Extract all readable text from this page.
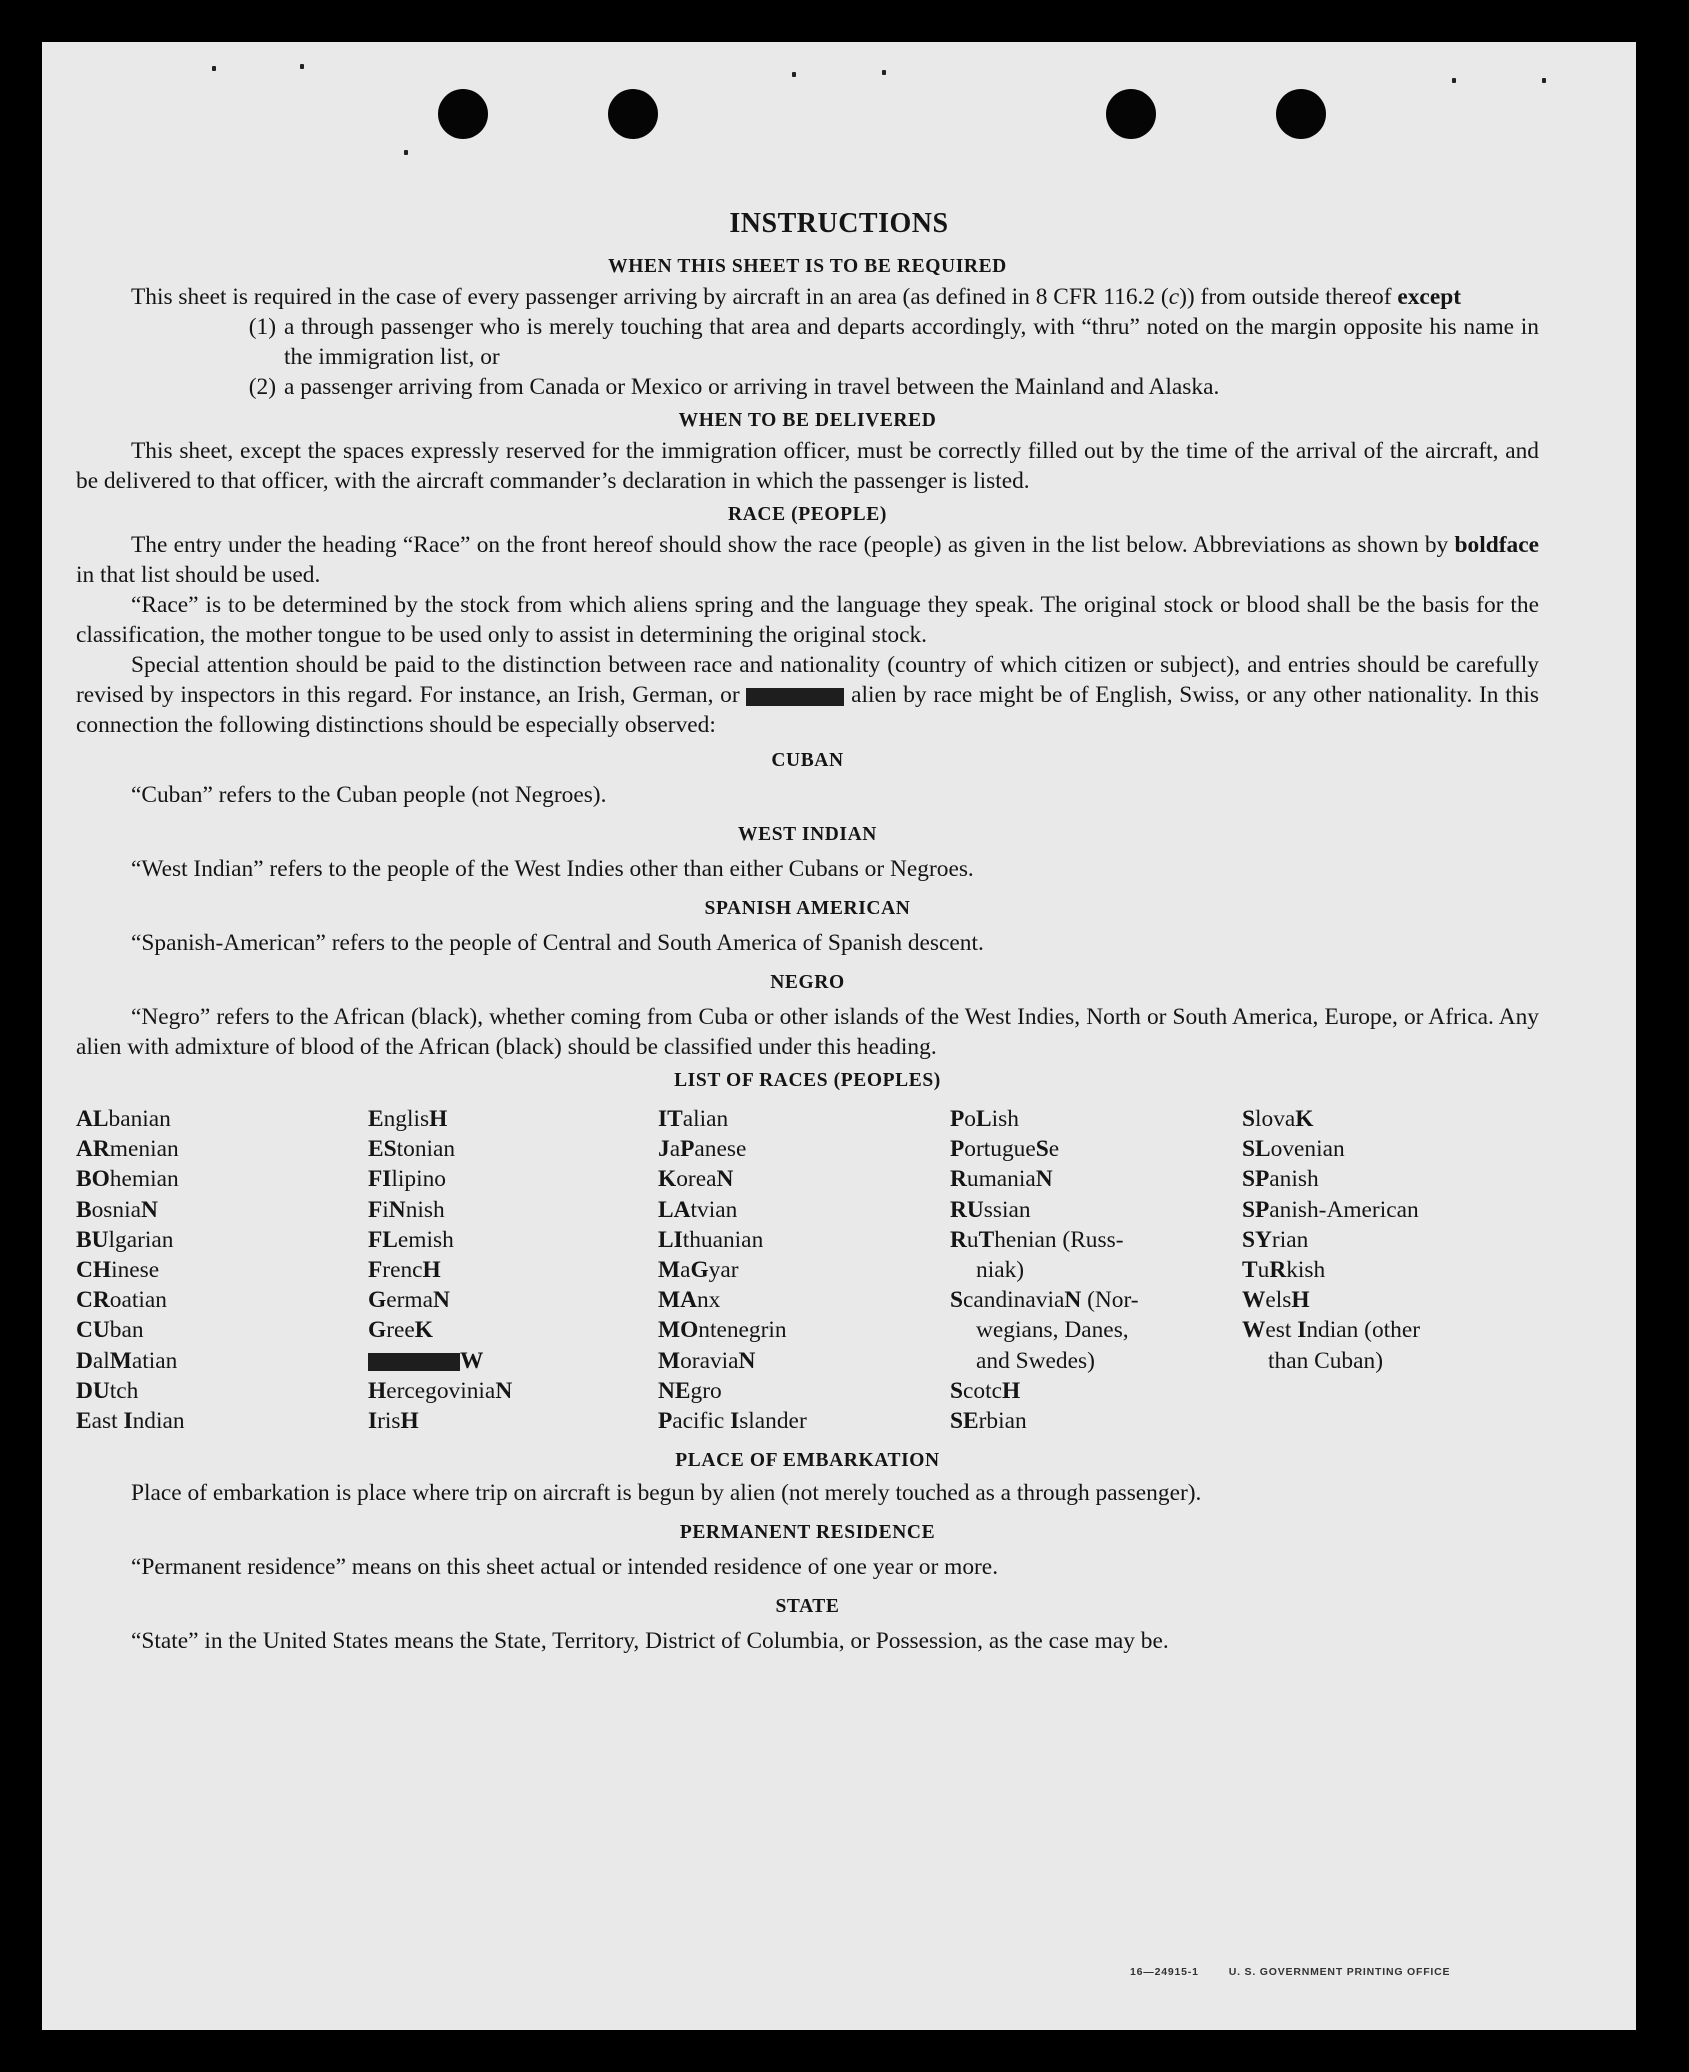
INSTRUCTIONS
WHEN THIS SHEET IS TO BE REQUIRED
This sheet is required in the case of every passenger arriving by aircraft in an area (as defined in 8 CFR 116.2 (c)) from outside thereof except
(1) a through passenger who is merely touching that area and departs accordingly, with “thru” noted on the margin opposite his name in the immigration list, or
(2) a passenger arriving from Canada or Mexico or arriving in travel between the Mainland and Alaska.
WHEN TO BE DELIVERED
This sheet, except the spaces expressly reserved for the immigration officer, must be correctly filled out by the time of the arrival of the aircraft, and be delivered to that officer, with the aircraft commander’s declaration in which the passenger is listed.
RACE (PEOPLE)
The entry under the heading “Race” on the front hereof should show the race (people) as given in the list below. Abbreviations as shown by boldface in that list should be used.
“Race” is to be determined by the stock from which aliens spring and the language they speak. The original stock or blood shall be the basis for the classification, the mother tongue to be used only to assist in determining the original stock.
Special attention should be paid to the distinction between race and nationality (country of which citizen or subject), and entries should be carefully revised by inspectors in this regard. For instance, an Irish, German, or	alien by race might be of English, Swiss, or any other nationality. In this connection the following distinctions should be especially observed:
CUBAN
“Cuban” refers to the Cuban people (not Negroes).
WEST INDIAN
“West Indian” refers to the people of the West Indies other than either Cubans or Negroes.
SPANISH AMERICAN
“Spanish-American” refers to the people of Central and South America of Spanish descent.
NEGRO
“Negro” refers to the African (black), whether coming from Cuba or other islands of the West Indies, North or South America, Europe, or Africa. Any alien with admixture of blood of the African (black) should be classified under this heading.
LIST OF RACES (PEOPLES)
ALbanian
ARmenian
BOhemian
BosniaN
BUlgarian
CHinese
CRoatian
CUban
DalMatian
DUtch
East Indian
EnglisH
EStonian
FIlipino
FiNnish
FLemish
FrencH
GermaN
GreeK
W
HercegoviniaN
IrisH
ITalian
JaPanese
KoreaN
LAtvian
LIthuanian
MaGyar
MAnx
MOntenegrin
MoraviaN
NEgro
Pacific Islander
PoLish
PortugueSe
RumaniaN
RUssian
RuThenian (Russ-
niak)
ScandinaviaN (Nor-
wegians, Danes,
and Swedes)
ScotcH
SErbian
SlovaK
SLovenian
SPanish
SPanish-American
SYrian
TuRkish
WelsH
West Indian (other
than Cuban)
PLACE OF EMBARKATION
Place of embarkation is place where trip on aircraft is begun by alien (not merely touched as a through passenger).
PERMANENT RESIDENCE
“Permanent residence” means on this sheet actual or intended residence of one year or more.
STATE
“State” in the United States means the State, Territory, District of Columbia, or Possession, as the case may be.
16—24915-1	U. S. GOVERNMENT PRINTING OFFICE
